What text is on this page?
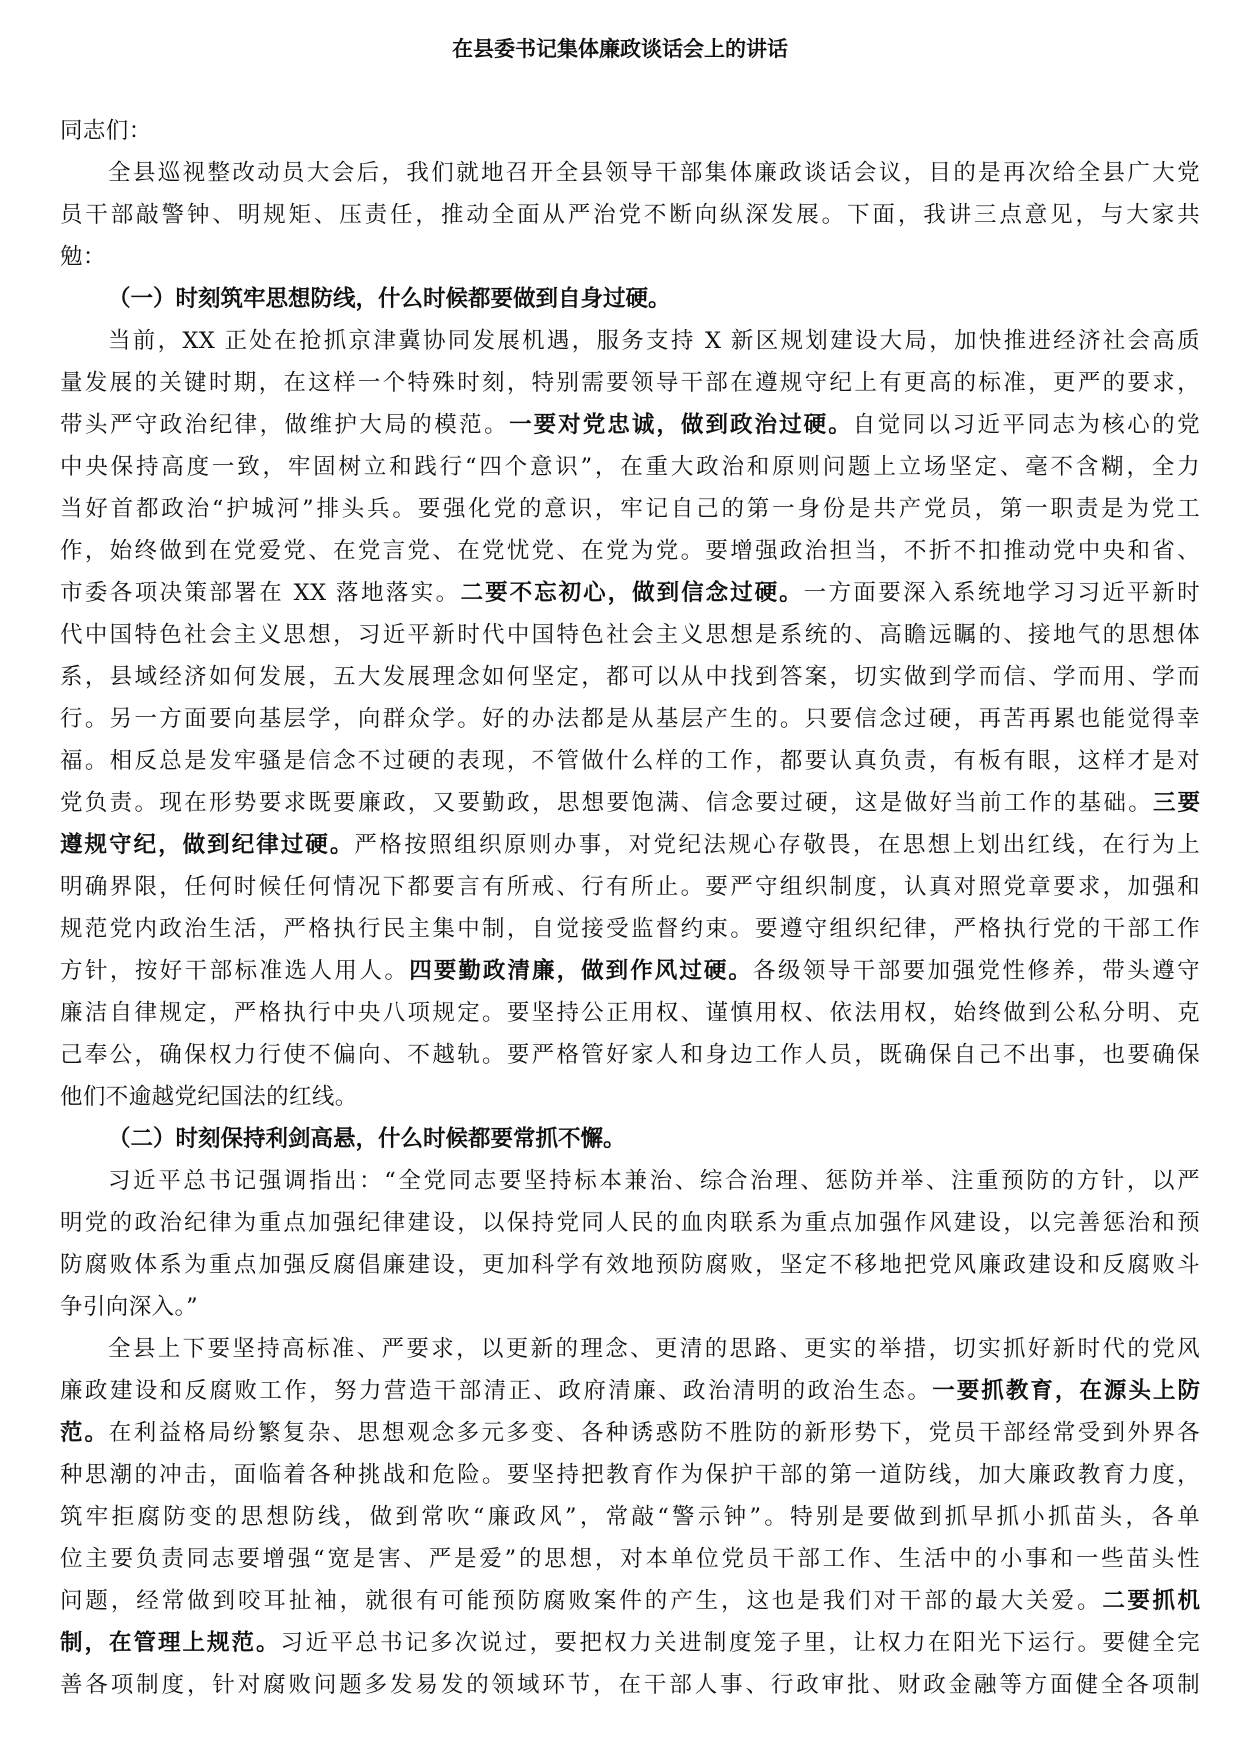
在县委书记集体廉政谈话会上的讲话
同志们：
全县巡视整改动员大会后，我们就地召开全县领导干部集体廉政谈话会议，目的是再次给全县广大党
员干部敲警钟、明规矩、压责任，推动全面从严治党不断向纵深发展。下面，我讲三点意见，与大家共
勉：
（一）时刻筑牢思想防线，什么时候都要做到自身过硬。
当前，XX 正处在抢抓京津冀协同发展机遇，服务支持 X 新区规划建设大局，加快推进经济社会高质
量发展的关键时期，在这样一个特殊时刻，特别需要领导干部在遵规守纪上有更高的标准，更严的要求，
带头严守政治纪律，做维护大局的模范。一要对党忠诚，做到政治过硬。自觉同以习近平同志为核心的党
中央保持高度一致，牢固树立和践行“四个意识”，在重大政治和原则问题上立场坚定、毫不含糊，全力
当好首都政治“护城河”排头兵。要强化党的意识，牢记自己的第一身份是共产党员，第一职责是为党工
作，始终做到在党爱党、在党言党、在党忧党、在党为党。要增强政治担当，不折不扣推动党中央和省、
市委各项决策部署在 XX 落地落实。二要不忘初心，做到信念过硬。一方面要深入系统地学习习近平新时
代中国特色社会主义思想，习近平新时代中国特色社会主义思想是系统的、高瞻远瞩的、接地气的思想体
系，县域经济如何发展，五大发展理念如何坚定，都可以从中找到答案，切实做到学而信、学而用、学而
行。另一方面要向基层学，向群众学。好的办法都是从基层产生的。只要信念过硬，再苦再累也能觉得幸
福。相反总是发牢骚是信念不过硬的表现，不管做什么样的工作，都要认真负责，有板有眼，这样才是对
党负责。现在形势要求既要廉政，又要勤政，思想要饱满、信念要过硬，这是做好当前工作的基础。三要
遵规守纪，做到纪律过硬。严格按照组织原则办事，对党纪法规心存敬畏，在思想上划出红线，在行为上
明确界限，任何时候任何情况下都要言有所戒、行有所止。要严守组织制度，认真对照党章要求，加强和
规范党内政治生活，严格执行民主集中制，自觉接受监督约束。要遵守组织纪律，严格执行党的干部工作
方针，按好干部标准选人用人。四要勤政清廉，做到作风过硬。各级领导干部要加强党性修养，带头遵守
廉洁自律规定，严格执行中央八项规定。要坚持公正用权、谨慎用权、依法用权，始终做到公私分明、克
己奉公，确保权力行使不偏向、不越轨。要严格管好家人和身边工作人员，既确保自己不出事，也要确保
他们不逾越党纪国法的红线。
（二）时刻保持利剑高悬，什么时候都要常抓不懈。
习近平总书记强调指出：“全党同志要坚持标本兼治、综合治理、惩防并举、注重预防的方针，以严
明党的政治纪律为重点加强纪律建设，以保持党同人民的血肉联系为重点加强作风建设，以完善惩治和预
防腐败体系为重点加强反腐倡廉建设，更加科学有效地预防腐败，坚定不移地把党风廉政建设和反腐败斗
争引向深入。”
全县上下要坚持高标准、严要求，以更新的理念、更清的思路、更实的举措，切实抓好新时代的党风
廉政建设和反腐败工作，努力营造干部清正、政府清廉、政治清明的政治生态。一要抓教育，在源头上防
范。在利益格局纷繁复杂、思想观念多元多变、各种诱惑防不胜防的新形势下，党员干部经常受到外界各
种思潮的冲击，面临着各种挑战和危险。要坚持把教育作为保护干部的第一道防线，加大廉政教育力度，
筑牢拒腐防变的思想防线，做到常吹“廉政风”，常敲“警示钟”。特别是要做到抓早抓小抓苗头，各单
位主要负责同志要增强“宽是害、严是爱”的思想，对本单位党员干部工作、生活中的小事和一些苗头性
问题，经常做到咬耳扯袖，就很有可能预防腐败案件的产生，这也是我们对干部的最大关爱。二要抓机
制，在管理上规范。习近平总书记多次说过，要把权力关进制度笼子里，让权力在阳光下运行。要健全完
善各项制度，针对腐败问题多发易发的领域环节，在干部人事、行政审批、财政金融等方面健全各项制
